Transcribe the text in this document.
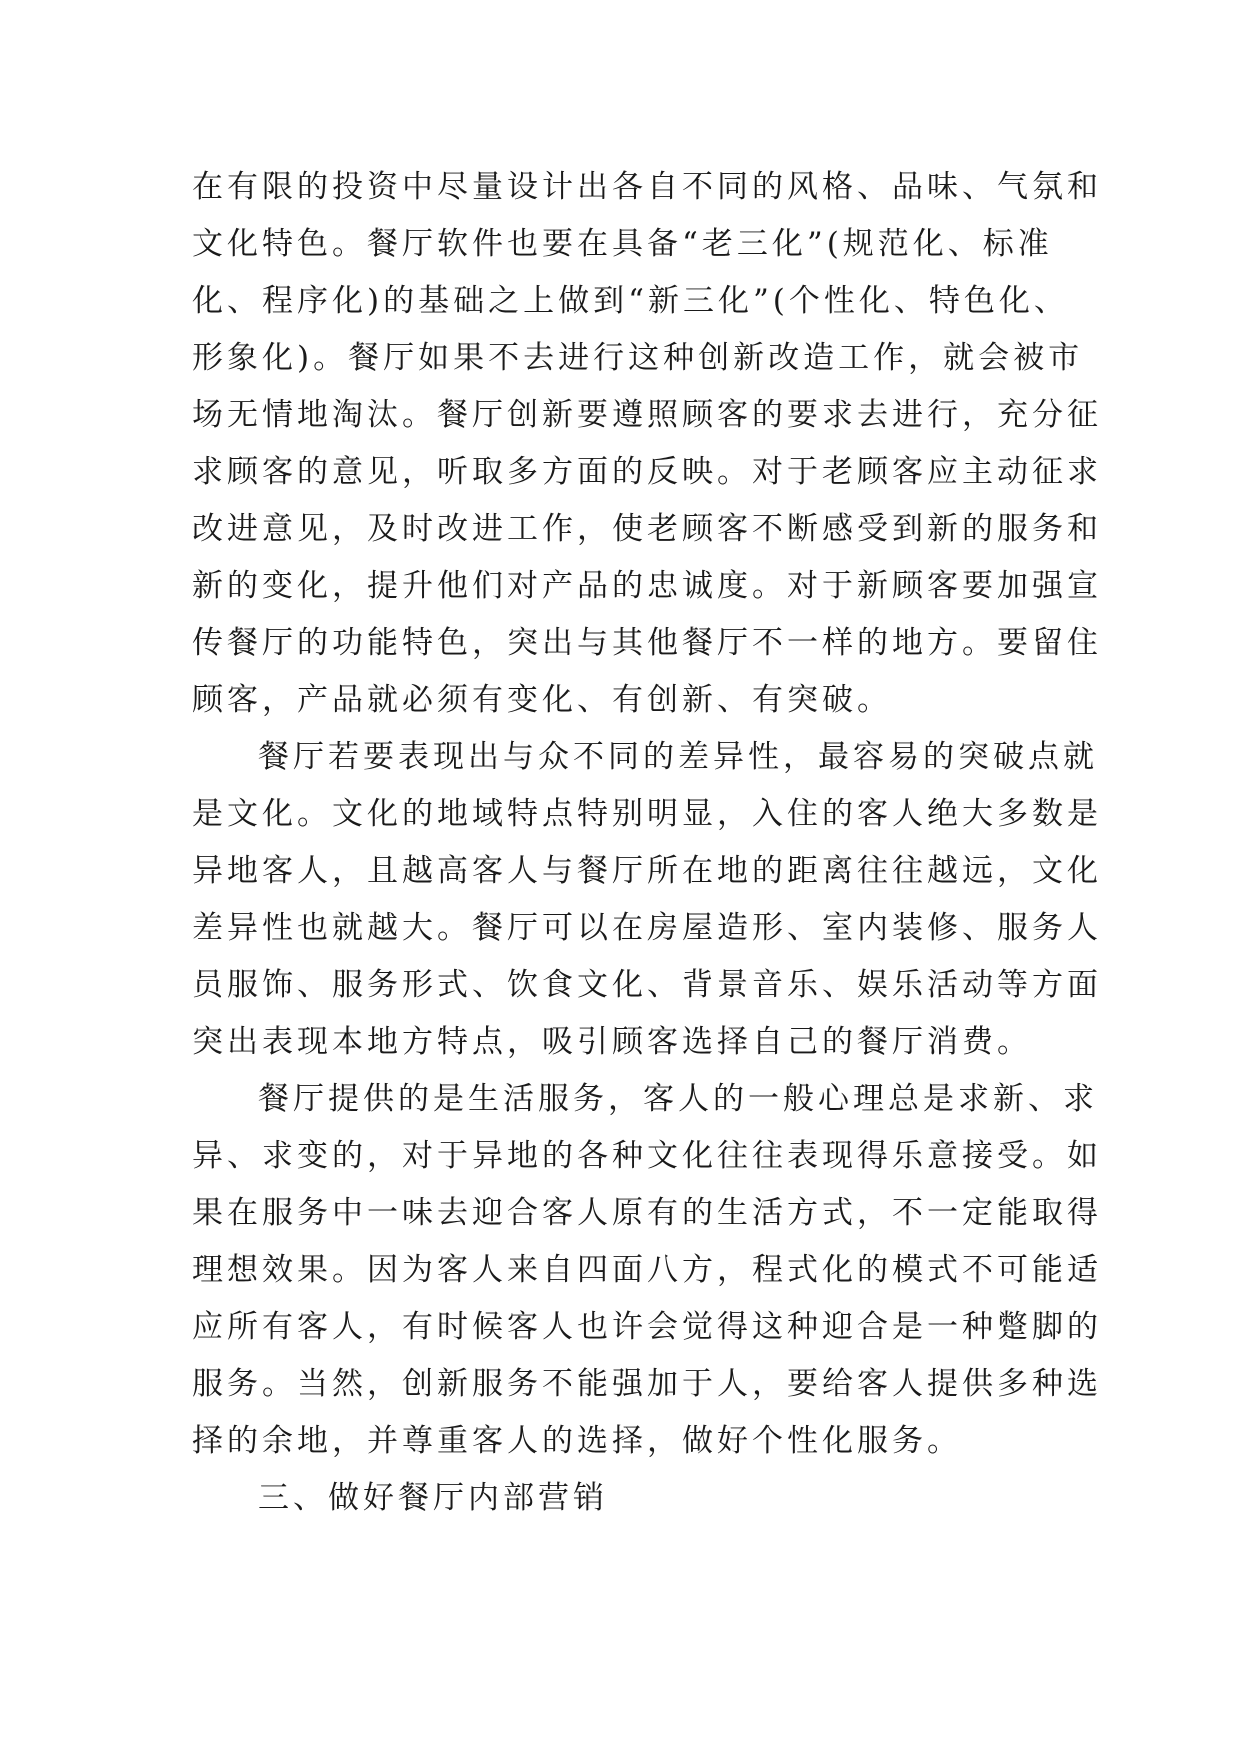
在有限的投资中尽量设计出各自不同的风格、品味、气氛和
文化特色。餐厅软件也要在具备“老三化”(规范化、标准
化、程序化)的基础之上做到“新三化”(个性化、特色化、
形象化)。餐厅如果不去进行这种创新改造工作，就会被市
场无情地淘汰。餐厅创新要遵照顾客的要求去进行，充分征
求顾客的意见，听取多方面的反映。对于老顾客应主动征求
改进意见，及时改进工作，使老顾客不断感受到新的服务和
新的变化，提升他们对产品的忠诚度。对于新顾客要加强宣
传餐厅的功能特色，突出与其他餐厅不一样的地方。要留住
顾客，产品就必须有变化、有创新、有突破。
餐厅若要表现出与众不同的差异性，最容易的突破点就
是文化。文化的地域特点特别明显，入住的客人绝大多数是
异地客人，且越高客人与餐厅所在地的距离往往越远，文化
差异性也就越大。餐厅可以在房屋造形、室内装修、服务人
员服饰、服务形式、饮食文化、背景音乐、娱乐活动等方面
突出表现本地方特点，吸引顾客选择自己的餐厅消费。
餐厅提供的是生活服务，客人的一般心理总是求新、求
异、求变的，对于异地的各种文化往往表现得乐意接受。如
果在服务中一味去迎合客人原有的生活方式，不一定能取得
理想效果。因为客人来自四面八方，程式化的模式不可能适
应所有客人，有时候客人也许会觉得这种迎合是一种蹩脚的
服务。当然，创新服务不能强加于人，要给客人提供多种选
择的余地，并尊重客人的选择，做好个性化服务。
三、做好餐厅内部营销
